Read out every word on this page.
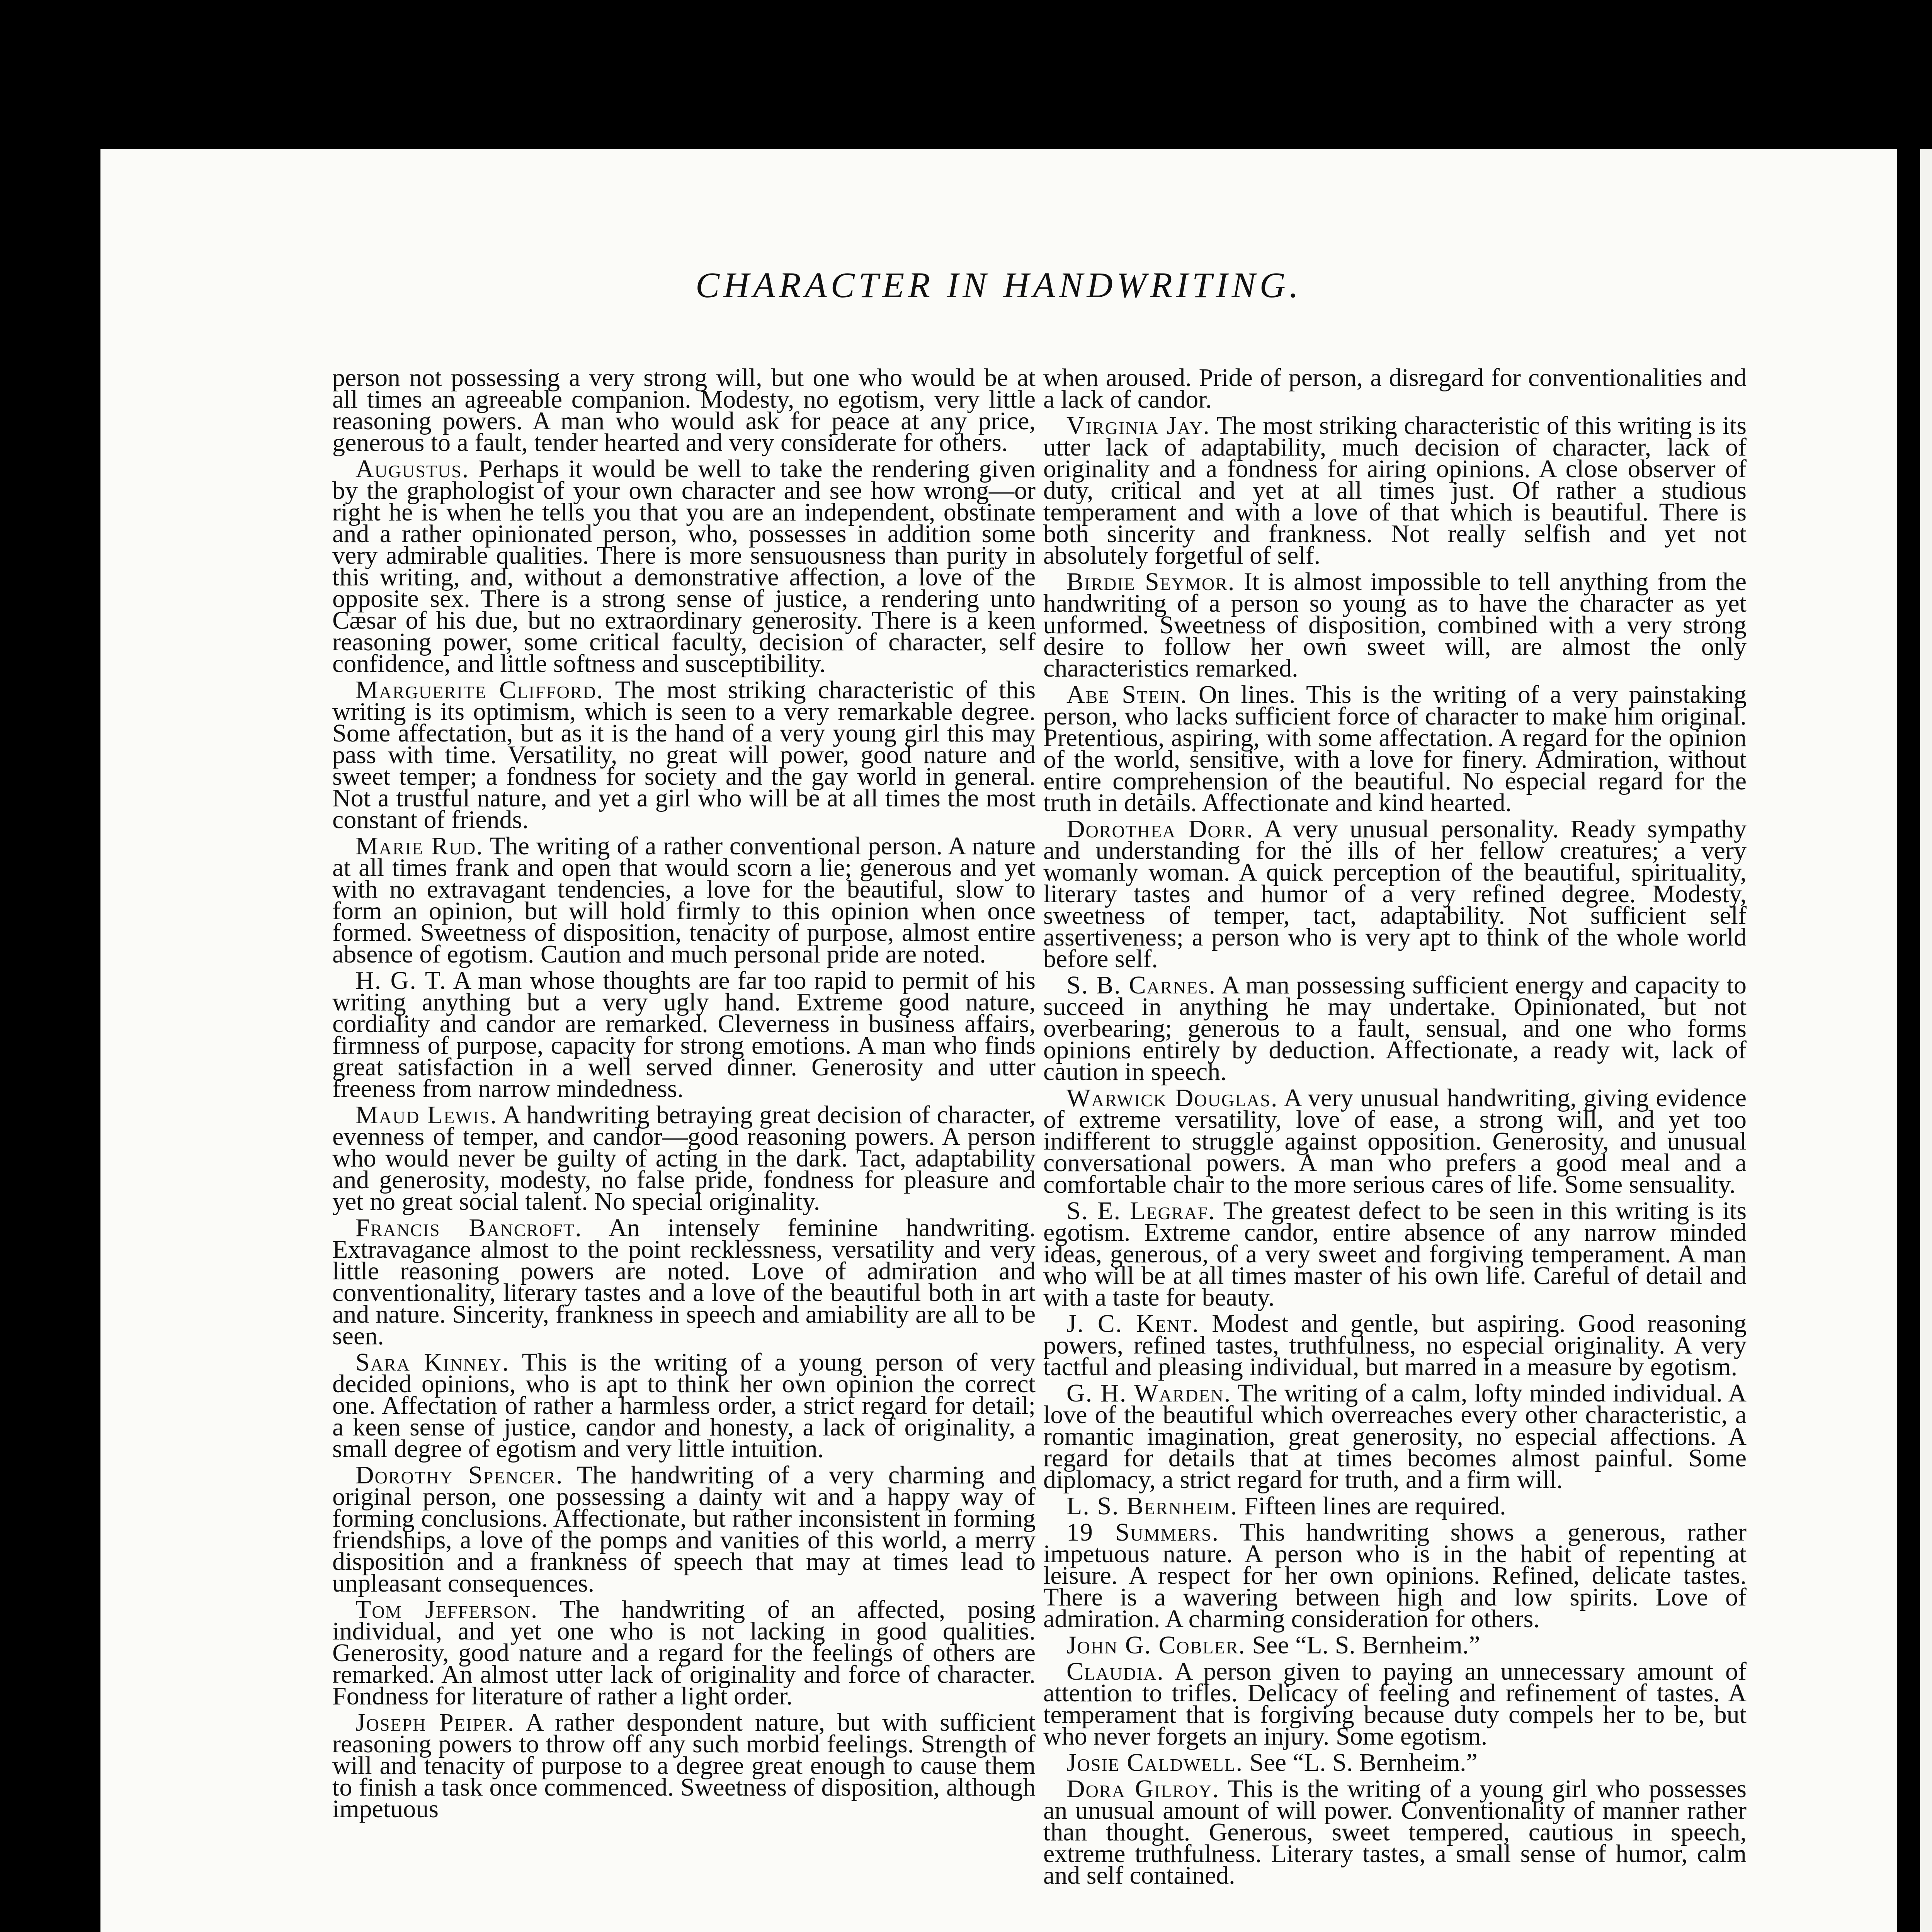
CHARACTER IN HANDWRITING.

person not possessing a very strong will, but one who would be at all times an agreeable companion. Modesty, no egotism, very little reasoning powers. A man who would ask for peace at any price, generous to a fault, tender hearted and very considerate for others.

Augustus. Perhaps it would be well to take the rendering given by the graphologist of your own character and see how wrong—or right he is when he tells you that you are an independent, obstinate and a rather opinionated person, who, possesses in addition some very admirable qualities. There is more sensuousness than purity in this writing, and, without a demonstrative affection, a love of the opposite sex. There is a strong sense of justice, a rendering unto Cæsar of his due, but no extraordinary generosity. There is a keen reasoning power, some critical faculty, decision of character, self confidence, and little softness and susceptibility.

Marguerite Clifford. The most striking characteristic of this writing is its optimism, which is seen to a very remarkable degree. Some affectation, but as it is the hand of a very young girl this may pass with time. Versatility, no great will power, good nature and sweet temper; a fondness for society and the gay world in general. Not a trustful nature, and yet a girl who will be at all times the most constant of friends.

Marie Rud. The writing of a rather conventional person. A nature at all times frank and open that would scorn a lie; generous and yet with no extravagant tendencies, a love for the beautiful, slow to form an opinion, but will hold firmly to this opinion when once formed. Sweetness of disposition, tenacity of purpose, almost entire absence of egotism. Caution and much personal pride are noted.

H. G. T. A man whose thoughts are far too rapid to permit of his writing anything but a very ugly hand. Extreme good nature, cordiality and candor are remarked. Cleverness in business affairs, firmness of purpose, capacity for strong emotions. A man who finds great satisfaction in a well served dinner. Generosity and utter freeness from narrow mindedness.

Maud Lewis. A handwriting betraying great decision of character, evenness of temper, and candor—good reasoning powers. A person who would never be guilty of acting in the dark. Tact, adaptability and generosity, modesty, no false pride, fondness for pleasure and yet no great social talent. No special originality.

Francis Bancroft. An intensely feminine handwriting. Extravagance almost to the point recklessness, versatility and very little reasoning powers are noted. Love of admiration and conventionality, literary tastes and a love of the beautiful both in art and nature. Sincerity, frankness in speech and amiability are all to be seen.

Sara Kinney. This is the writing of a young person of very decided opinions, who is apt to think her own opinion the correct one. Affectation of rather a harmless order, a strict regard for detail; a keen sense of justice, candor and honesty, a lack of originality, a small degree of egotism and very little intuition.

Dorothy Spencer. The handwriting of a very charming and original person, one possessing a dainty wit and a happy way of forming conclusions. Affectionate, but rather inconsistent in forming friendships, a love of the pomps and vanities of this world, a merry disposition and a frankness of speech that may at times lead to unpleasant consequences.

Tom Jefferson. The handwriting of an affected, posing individual, and yet one who is not lacking in good qualities. Generosity, good nature and a regard for the feelings of others are remarked. An almost utter lack of originality and force of character. Fondness for literature of rather a light order.

Joseph Peiper. A rather despondent nature, but with sufficient reasoning powers to throw off any such morbid feelings. Strength of will and tenacity of purpose to a degree great enough to cause them to finish a task once commenced. Sweetness of disposition, although impetuous

when aroused. Pride of person, a disregard for conventionalities and a lack of candor.

Virginia Jay. The most striking characteristic of this writing is its utter lack of adaptability, much decision of character, lack of originality and a fondness for airing opinions. A close observer of duty, critical and yet at all times just. Of rather a studious temperament and with a love of that which is beautiful. There is both sincerity and frankness. Not really selfish and yet not absolutely forgetful of self.

Birdie Seymor. It is almost impossible to tell anything from the handwriting of a person so young as to have the character as yet unformed. Sweetness of disposition, combined with a very strong desire to follow her own sweet will, are almost the only characteristics remarked.

Abe Stein. On lines. This is the writing of a very painstaking person, who lacks sufficient force of character to make him original. Pretentious, aspiring, with some affectation. A regard for the opinion of the world, sensitive, with a love for finery. Admiration, without entire comprehension of the beautiful. No especial regard for the truth in details. Affectionate and kind hearted.

Dorothea Dorr. A very unusual personality. Ready sympathy and understanding for the ills of her fellow creatures; a very womanly woman. A quick perception of the beautiful, spirituality, literary tastes and humor of a very refined degree. Modesty, sweetness of temper, tact, adaptability. Not sufficient self assertiveness; a person who is very apt to think of the whole world before self.

S. B. Carnes. A man possessing sufficient energy and capacity to succeed in anything he may undertake. Opinionated, but not overbearing; generous to a fault, sensual, and one who forms opinions entirely by deduction. Affectionate, a ready wit, lack of caution in speech.

Warwick Douglas. A very unusual handwriting, giving evidence of extreme versatility, love of ease, a strong will, and yet too indifferent to struggle against opposition. Generosity, and unusual conversational powers. A man who prefers a good meal and a comfortable chair to the more serious cares of life. Some sensuality.

S. E. Legraf. The greatest defect to be seen in this writing is its egotism. Extreme candor, entire absence of any narrow minded ideas, generous, of a very sweet and forgiving temperament. A man who will be at all times master of his own life. Careful of detail and with a taste for beauty.

J. C. Kent. Modest and gentle, but aspiring. Good reasoning powers, refined tastes, truthfulness, no especial originality. A very tactful and pleasing individual, but marred in a measure by egotism.

G. H. Warden. The writing of a calm, lofty minded individual. A love of the beautiful which overreaches every other characteristic, a romantic imagination, great generosity, no especial affections. A regard for details that at times becomes almost painful. Some diplomacy, a strict regard for truth, and a firm will.

L. S. Bernheim. Fifteen lines are required.

19 Summers. This handwriting shows a generous, rather impetuous nature. A person who is in the habit of repenting at leisure. A respect for her own opinions. Refined, delicate tastes. There is a wavering between high and low spirits. Love of admiration. A charming consideration for others.

John G. Cobler. See “L. S. Bernheim.”

Claudia. A person given to paying an unnecessary amount of attention to trifles. Delicacy of feeling and refinement of tastes. A temperament that is forgiving because duty compels her to be, but who never forgets an injury. Some egotism.

Josie Caldwell. See “L. S. Bernheim.”

Dora Gilroy. This is the writing of a young girl who possesses an unusual amount of will power. Conventionality of manner rather than thought. Generous, sweet tempered, cautious in speech, extreme truthfulness. Literary tastes, a small sense of humor, calm and self contained.
